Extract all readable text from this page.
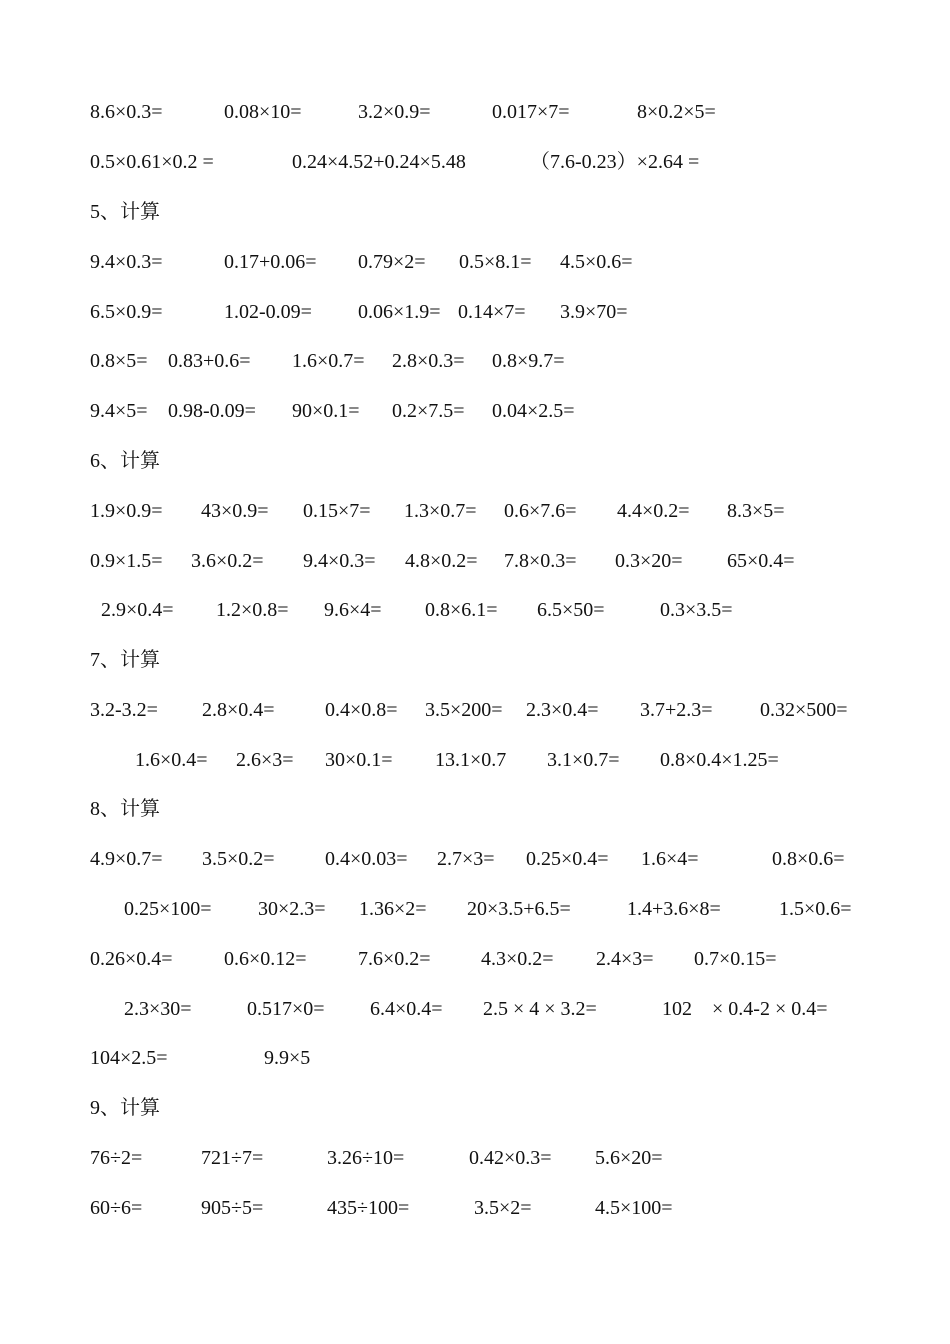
8.6×0.3=	0.08×10=	3.2×0.9=	0.017×7=	8×0.2×5=
0.5×0.61×0.2 =	0.24×4.52+0.24×5.48	（7.6-0.23）×2.64 =
5、计算
9.4×0.3=	0.17+0.06= 0.79×2= 0.5×8.1= 4.5×0.6=
6.5×0.9=	1.02-0.09= 0.06×1.9= 0.14×7= 3.9×70=
0.8×5= 0.83+0.6= 1.6×0.7= 2.8×0.3= 0.8×9.7=
9.4×5= 0.98-0.09= 90×0.1= 0.2×7.5= 0.04×2.5=
6、计算
1.9×0.9= 43×0.9= 0.15×7= 1.3×0.7= 0.6×7.6= 4.4×0.2= 8.3×5=
0.9×1.5= 3.6×0.2= 9.4×0.3= 4.8×0.2= 7.8×0.3= 0.3×20= 65×0.4=
2.9×0.4= 1.2×0.8= 9.6×4= 0.8×6.1= 6.5×50=	0.3×3.5=
7、计算
3.2-3.2= 2.8×0.4=	0.4×0.8= 3.5×200= 2.3×0.4= 3.7+2.3= 0.32×500=
1.6×0.4= 2.6×3= 30×0.1= 13.1×0.7 3.1×0.7= 0.8×0.4×1.25=
8、计算
4.9×0.7= 3.5×0.2=	0.4×0.03= 2.7×3= 0.25×0.4= 1.6×4=	0.8×0.6=
0.25×100= 30×2.3= 1.36×2= 20×3.5+6.5=	1.4+3.6×8=	1.5×0.6=
0.26×0.4=	0.6×0.12=	7.6×0.2=	4.3×0.2= 2.4×3= 0.7×0.15=
2.3×30=	0.517×0= 6.4×0.4= 2.5 × 4 × 3.2=	102 × 0.4-2 × 0.4=
104×2.5=	9.9×5
9、计算
76÷2=	721÷7=	3.26÷10=	0.42×0.3= 5.6×20=
60÷6=	905÷5=	435÷100=	3.5×2=	4.5×100=
